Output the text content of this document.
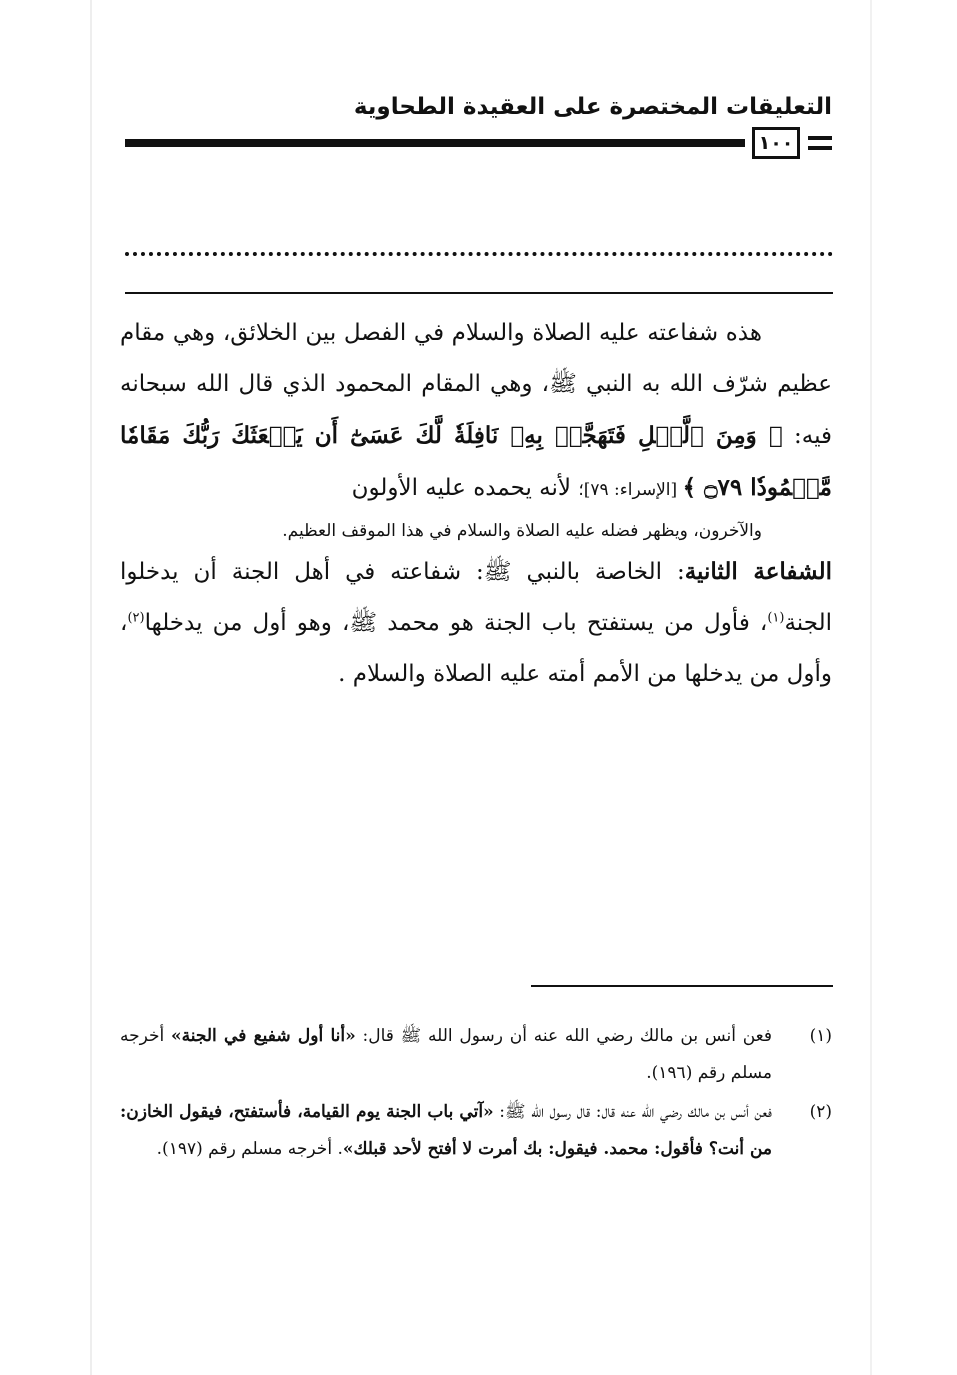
التعليقات المختصرة على العقيدة الطحاوية
١٠٠

هذه شفاعته عليه الصلاة والسلام في الفصل بين الخلائق، وهي مقام عظيم شرّف الله به النبي ﷺ، وهي المقام المحمود الذي قال الله سبحانه فيه: ﴿ وَمِنَ ٱلَّيۡلِ فَتَهَجَّدۡ بِهِۦ نَافِلَةٗ لَّكَ عَسَىٰٓ أَن يَبۡعَثَكَ رَبُّكَ مَقَامٗا مَّحۡمُودٗا ۝٧٩ ﴾ [الإسراء: ٧٩]؛ لأنه يحمده عليه الأولون
والآخرون، ويظهر فضله عليه الصلاة والسلام في هذا الموقف العظيم.

الشفاعة الثانية: الخاصة بالنبي ﷺ: شفاعته في أهل الجنة أن يدخلوا الجنة$^{(١)}$، فأول من يستفتح باب الجنة هو محمد ﷺ، وهو أول من يدخلها$^{(٢)}$، وأول من يدخلها من الأمم أمته عليه الصلاة والسلام .

(١)
فعن أنس بن مالك رضي الله عنه أن رسول الله ﷺ قال: «أنا أول شفيع في الجنة» أخرجه مسلم رقم (١٩٦).
(٢)
فعن أنس بن مالك رضي الله عنه قال: قال رسول الله ﷺ: «آتي باب الجنة يوم القيامة، فأستفتح، فيقول الخازن: من أنت؟ فأقول: محمد. فيقول: بك أمرت لا أفتح لأحد قبلك». أخرجه مسلم رقم (١٩٧).
